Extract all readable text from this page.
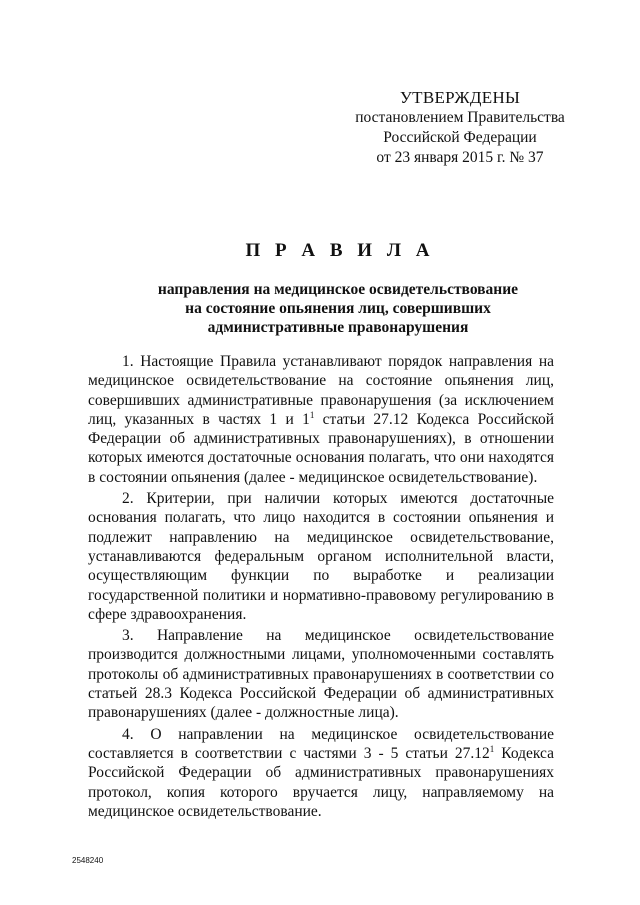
УТВЕРЖДЕНЫ
постановлением Правительства
Российской Федерации
от 23 января 2015 г. № 37
П Р А В И Л А
направления на медицинское освидетельствование
на состояние опьянения лиц, совершивших
административные правонарушения

1. Настоящие Правила устанавливают порядок направления на медицинское освидетельствование на состояние опьянения лиц, совершивших административные правонарушения (за исключением лиц, указанных в частях 1 и $1^1$ статьи 27.12 Кодекса Российской Федерации об административных правонарушениях), в отношении которых имеются достаточные основания полагать, что они находятся в состоянии опьянения (далее - медицинское освидетельствование).

2. Критерии, при наличии которых имеются достаточные основания полагать, что лицо находится в состоянии опьянения и подлежит направлению на медицинское освидетельствование, устанавливаются федеральным органом исполнительной власти, осуществляющим функции по выработке и реализации государственной политики и нормативно-правовому регулированию в сфере здравоохранения.

3. Направление на медицинское освидетельствование производится должностными лицами, уполномоченными составлять протоколы об административных правонарушениях в соответствии со статьей 28.3 Кодекса Российской Федерации об административных правонарушениях (далее - должностные лица).

4. О направлении на медицинское освидетельствование составляется в соответствии с частями 3 - 5 статьи 27.12$^1$ Кодекса Российской Федерации об административных правонарушениях протокол, копия которого вручается лицу, направляемому на медицинское освидетельствование.

2548240
